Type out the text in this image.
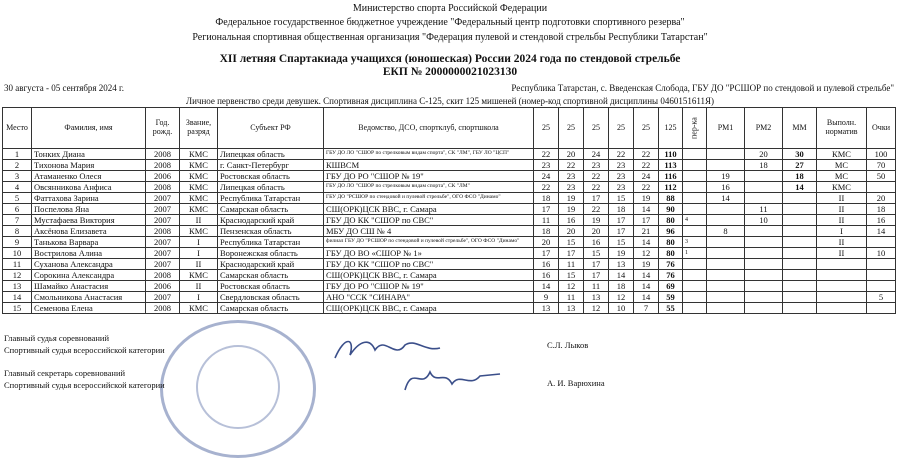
Министерство спорта Российской Федерации
Федеральное государственное бюджетное учреждение "Федеральный центр подготовки спортивного резерва"
Региональная спортивная общественная организация "Федерация пулевой и стендовой стрельбы Республики Татарстан"
XII летняя Спартакиада учащихся (юношеская) России 2024 года по стендовой стрельбе
ЕКП № 2000000021023130
30 августа - 05 сентября 2024 г.	Республика Татарстан, с. Введенская Слобода, ГБУ ДО "РСШОР по стендовой и пулевой стрельбе"
Личное первенство среди девушек. Спортивная дисциплина С-125, скит 125 мишеней (номер-код спортивной дисциплины 0460151611Я)
Место	Фамилия, имя	Год. рожд.	Звание, разряд	Субъект РФ	Ведомство, ДСО, спортклуб, спортшкола	25	25	25	25	25	125	пер-ка	РМ1	РМ2	ММ	Выполн. норматив	Очки
1	Тонких Диана	2008	КМС	Липецкая область	ГБУ ДО ЛО "СШОР по стрелковым видам спорта", СК "ЛМ", ГБУ ЛО "ЦСП"	22	20	24	22	22	110			20	30	КМС	100
2	Тихонова Мария	2008	КМС	г. Санкт-Петербург	КШВСМ	23	22	23	23	22	113			18	27	МС	70
3	Атаманенко Олеся	2006	КМС	Ростовская область	ГБУ ДО РО "СШОР № 19"	24	23	22	23	24	116		19		18	МС	50
4	Овсянникова Анфиса	2008	КМС	Липецкая область	ГБУ ДО ЛО "СШОР по стрелковым видам спорта", СК "ЛМ"	22	23	22	23	22	112		16		14	КМС	
5	Фаттахова Зарина	2007	КМС	Республика Татарстан	ГБУ ДО "РСШОР по стендовой и пулевой стрельбе", ОГО ФСО "Динамо"	18	19	17	15	19	88		14			II	20
6	Поспелова Яна	2007	КМС	Самарская область	СШ(ОРК)ЦСК ВВС, г. Самара	17	19	22	18	14	90			11		II	18
7	Мустафаева Виктория	2007	II	Краснодарский край	ГБУ ДО КК "СШОР по СВС"	11	16	19	17	17	80	4		10		II	16
8	Аксёнова Елизавета	2008	КМС	Пензенская область	МБУ ДО СШ № 4	18	20	20	17	21	96		8			I	14
9	Танькова Варвара	2007	I	Республика Татарстан	филиал ГБУ ДО "РСШОР по стендовой и пулевой стрельбе", ОГО ФСО "Динамо"	20	15	16	15	14	80	3				II	
10	Вострилова Алина	2007	I	Воронежская область	ГБУ ДО ВО «СШОР № 1»	17	17	15	19	12	80	1				II	10
11	Суханова Александра	2007	II	Краснодарский край	ГБУ ДО КК "СШОР по СВС"	16	11	17	13	19	76						
12	Сорокина Александра	2008	КМС	Самарская область	СШ(ОРК)ЦСК ВВС, г. Самара	16	15	17	14	14	76						
13	Шамайко Анастасия	2006	II	Ростовская область	ГБУ ДО РО "СШОР № 19"	14	12	11	18	14	69						
14	Смольникова Анастасия	2007	I	Свердловская область	АНО "ССК "СИНАРА"	9	11	13	12	14	59						5
15	Семенова Елена	2008	КМС	Самарская область	СШ(ОРК)ЦСК ВВС, г. Самара	13	13	12	10	7	55						
Главный судья соревнований
Спортивный судья всероссийской категории	С.Л. Лыков
Главный секретарь соревнований
Спортивный судья всероссийской категории	А. И. Варюхина
